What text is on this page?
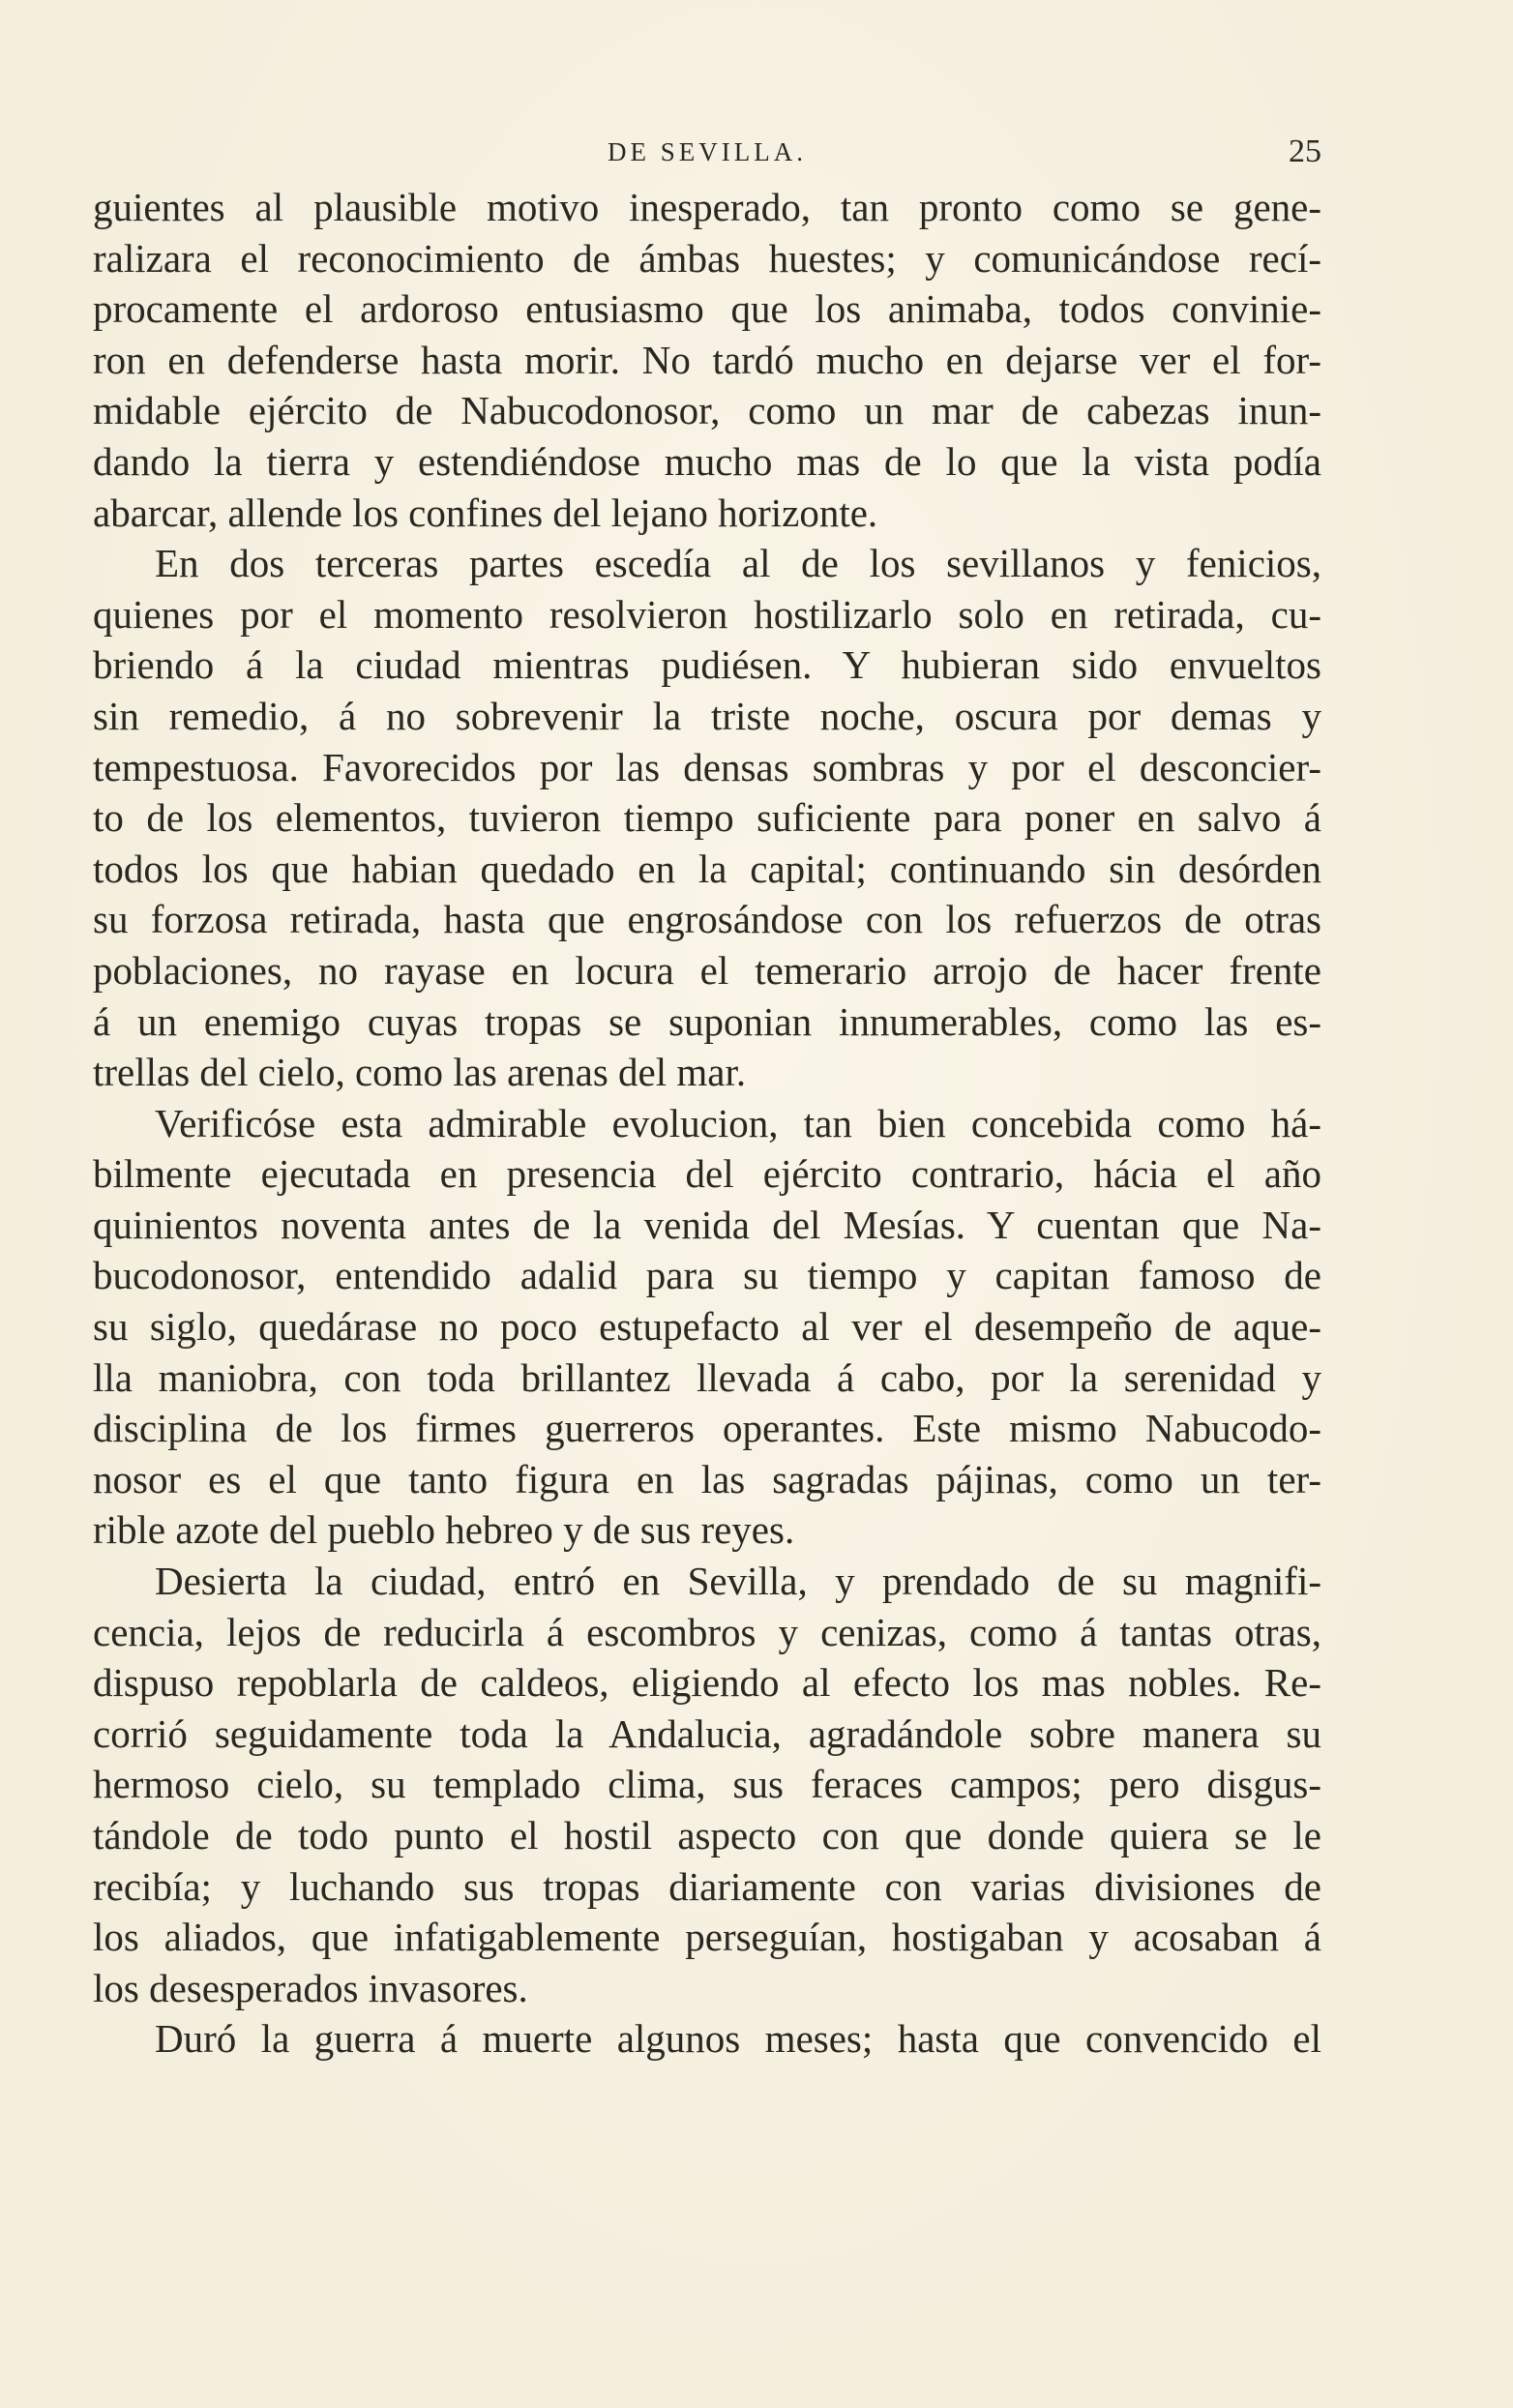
DE SEVILLA.	25
guientes al plausible motivo inesperado, tan pronto como se gene-
ralizara el reconocimiento de ámbas huestes; y comunicándose recí-
procamente el ardoroso entusiasmo que los animaba, todos convinie-
ron en defenderse hasta morir. No tardó mucho en dejarse ver el for-
midable ejército de Nabucodonosor, como un mar de cabezas inun-
dando la tierra y estendiéndose mucho mas de lo que la vista podía
abarcar, allende los confines del lejano horizonte.
En dos terceras partes escedía al de los sevillanos y fenicios,
quienes por el momento resolvieron hostilizarlo solo en retirada, cu-
briendo á la ciudad mientras pudiésen. Y hubieran sido envueltos
sin remedio, á no sobrevenir la triste noche, oscura por demas y
tempestuosa. Favorecidos por las densas sombras y por el desconcier-
to de los elementos, tuvieron tiempo suficiente para poner en salvo á
todos los que habian quedado en la capital; continuando sin desórden
su forzosa retirada, hasta que engrosándose con los refuerzos de otras
poblaciones, no rayase en locura el temerario arrojo de hacer frente
á un enemigo cuyas tropas se suponian innumerables, como las es-
trellas del cielo, como las arenas del mar.
Verificóse esta admirable evolucion, tan bien concebida como há-
bilmente ejecutada en presencia del ejército contrario, hácia el año
quinientos noventa antes de la venida del Mesías. Y cuentan que Na-
bucodonosor, entendido adalid para su tiempo y capitan famoso de
su siglo, quedárase no poco estupefacto al ver el desempeño de aque-
lla maniobra, con toda brillantez llevada á cabo, por la serenidad y
disciplina de los firmes guerreros operantes. Este mismo Nabucodo-
nosor es el que tanto figura en las sagradas pájinas, como un ter-
rible azote del pueblo hebreo y de sus reyes.
Desierta la ciudad, entró en Sevilla, y prendado de su magnifi-
cencia, lejos de reducirla á escombros y cenizas, como á tantas otras,
dispuso repoblarla de caldeos, eligiendo al efecto los mas nobles. Re-
corrió seguidamente toda la Andalucia, agradándole sobre manera su
hermoso cielo, su templado clima, sus feraces campos; pero disgus-
tándole de todo punto el hostil aspecto con que donde quiera se le
recibía; y luchando sus tropas diariamente con varias divisiones de
los aliados, que infatigablemente perseguían, hostigaban y acosaban á
los desesperados invasores.
Duró la guerra á muerte algunos meses; hasta que convencido el
